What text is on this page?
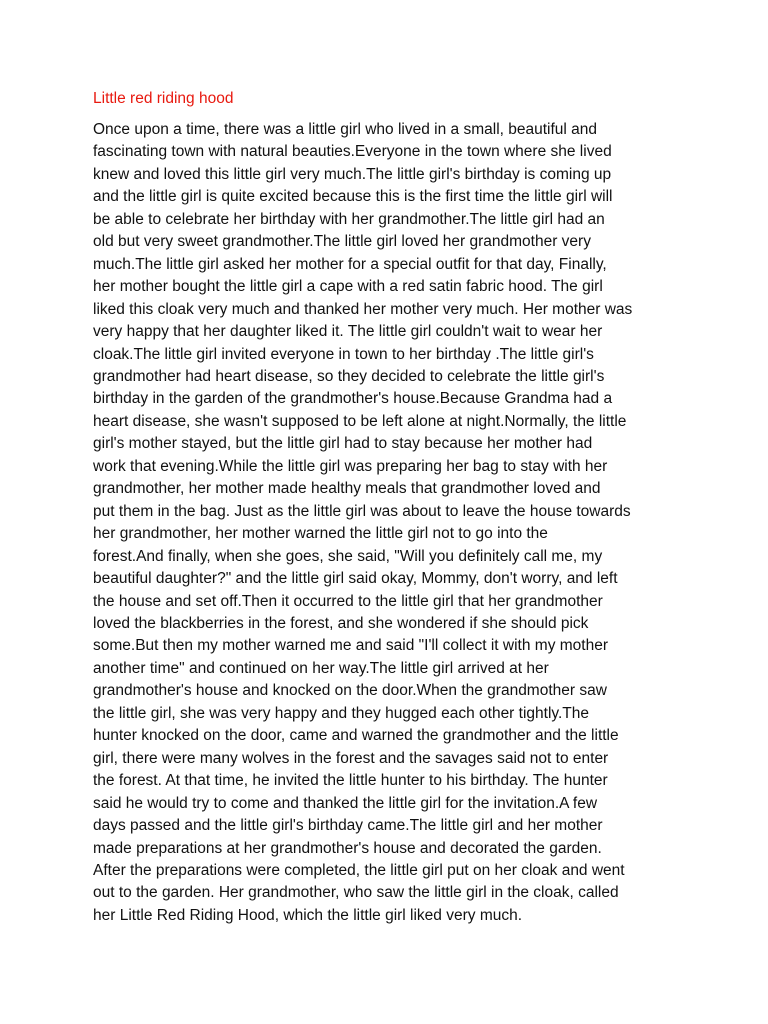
Little red riding hood
Once upon a time, there was a little girl who lived in a small, beautiful and
fascinating town with natural beauties.Everyone in the town where she lived
knew and loved this little girl very much.The little girl's birthday is coming up
and the little girl is quite excited because this is the first time the little girl will
be able to celebrate her birthday with her grandmother.The little girl had an
old but very sweet grandmother.The little girl loved her grandmother very
much.The little girl asked her mother for a special outfit for that day, Finally,
her mother bought the little girl a cape with a red satin fabric hood. The girl
liked this cloak very much and thanked her mother very much. Her mother was
very happy that her daughter liked it. The little girl couldn't wait to wear her
cloak.The little girl invited everyone in town to her birthday .The little girl's
grandmother had heart disease, so they decided to celebrate the little girl's
birthday in the garden of the grandmother's house.Because Grandma had a
heart disease, she wasn't supposed to be left alone at night.Normally, the little
girl's mother stayed, but the little girl had to stay because her mother had
work that evening.While the little girl was preparing her bag to stay with her
grandmother, her mother made healthy meals that grandmother loved and
put them in the bag. Just as the little girl was about to leave the house towards
her grandmother, her mother warned the little girl not to go into the
forest.And finally, when she goes, she said, "Will you definitely call me, my
beautiful daughter?" and the little girl said okay, Mommy, don't worry, and left
the house and set off.Then it occurred to the little girl that her grandmother
loved the blackberries in the forest, and she wondered if she should pick
some.But then my mother warned me and said "I'll collect it with my mother
another time" and continued on her way.The little girl arrived at her
grandmother's house and knocked on the door.When the grandmother saw
the little girl, she was very happy and they hugged each other tightly.The
hunter knocked on the door, came and warned the grandmother and the little
girl, there were many wolves in the forest and the savages said not to enter
the forest. At that time, he invited the little hunter to his birthday. The hunter
said he would try to come and thanked the little girl for the invitation.A few
days passed and the little girl's birthday came.The little girl and her mother
made preparations at her grandmother's house and decorated the garden.
After the preparations were completed, the little girl put on her cloak and went
out to the garden. Her grandmother, who saw the little girl in the cloak, called
her Little Red Riding Hood, which the little girl liked very much.
